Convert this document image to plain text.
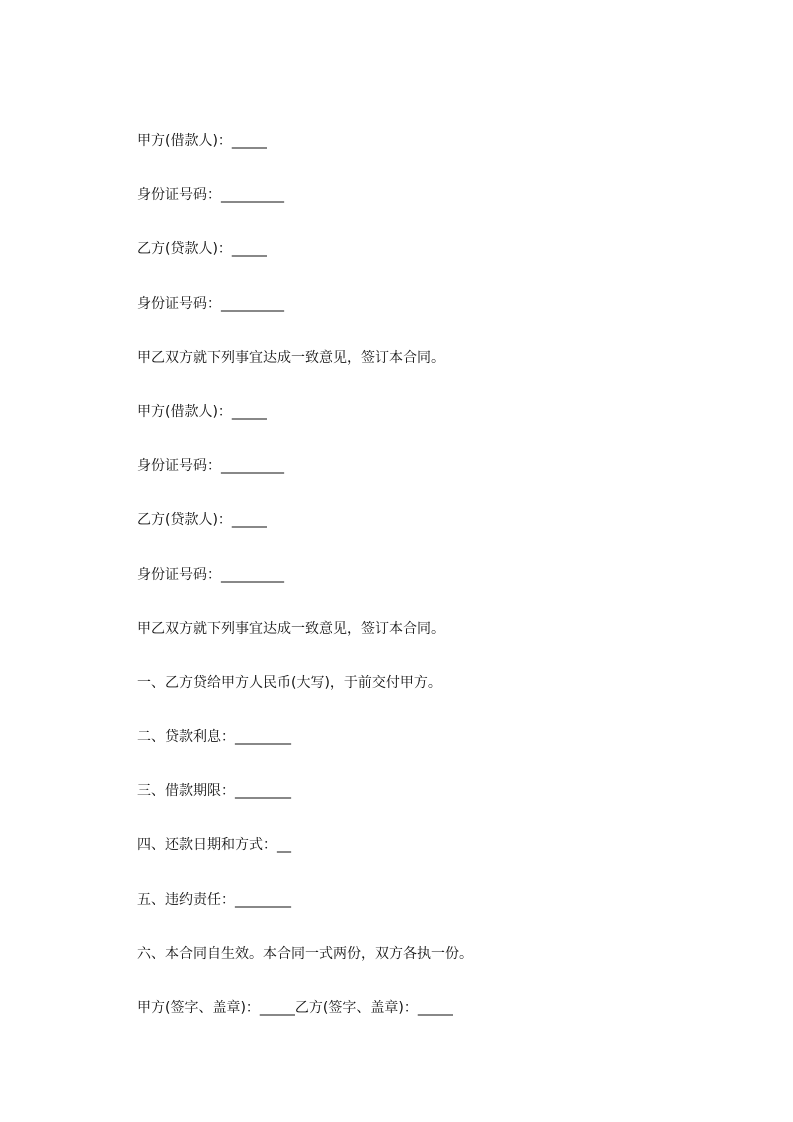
甲方(借款人)：_____
身份证号码：_________
乙方(贷款人)：_____
身份证号码：_________
甲乙双方就下列事宜达成一致意见，签订本合同。
甲方(借款人)：_____
身份证号码：_________
乙方(贷款人)：_____
身份证号码：_________
甲乙双方就下列事宜达成一致意见，签订本合同。
一、乙方贷给甲方人民币(大写)，于前交付甲方。
二、贷款利息：________
三、借款期限：________
四、还款日期和方式：__
五、违约责任：________
六、本合同自生效。本合同一式两份，双方各执一份。
甲方(签字、盖章)：_____乙方(签字、盖章)：_____
